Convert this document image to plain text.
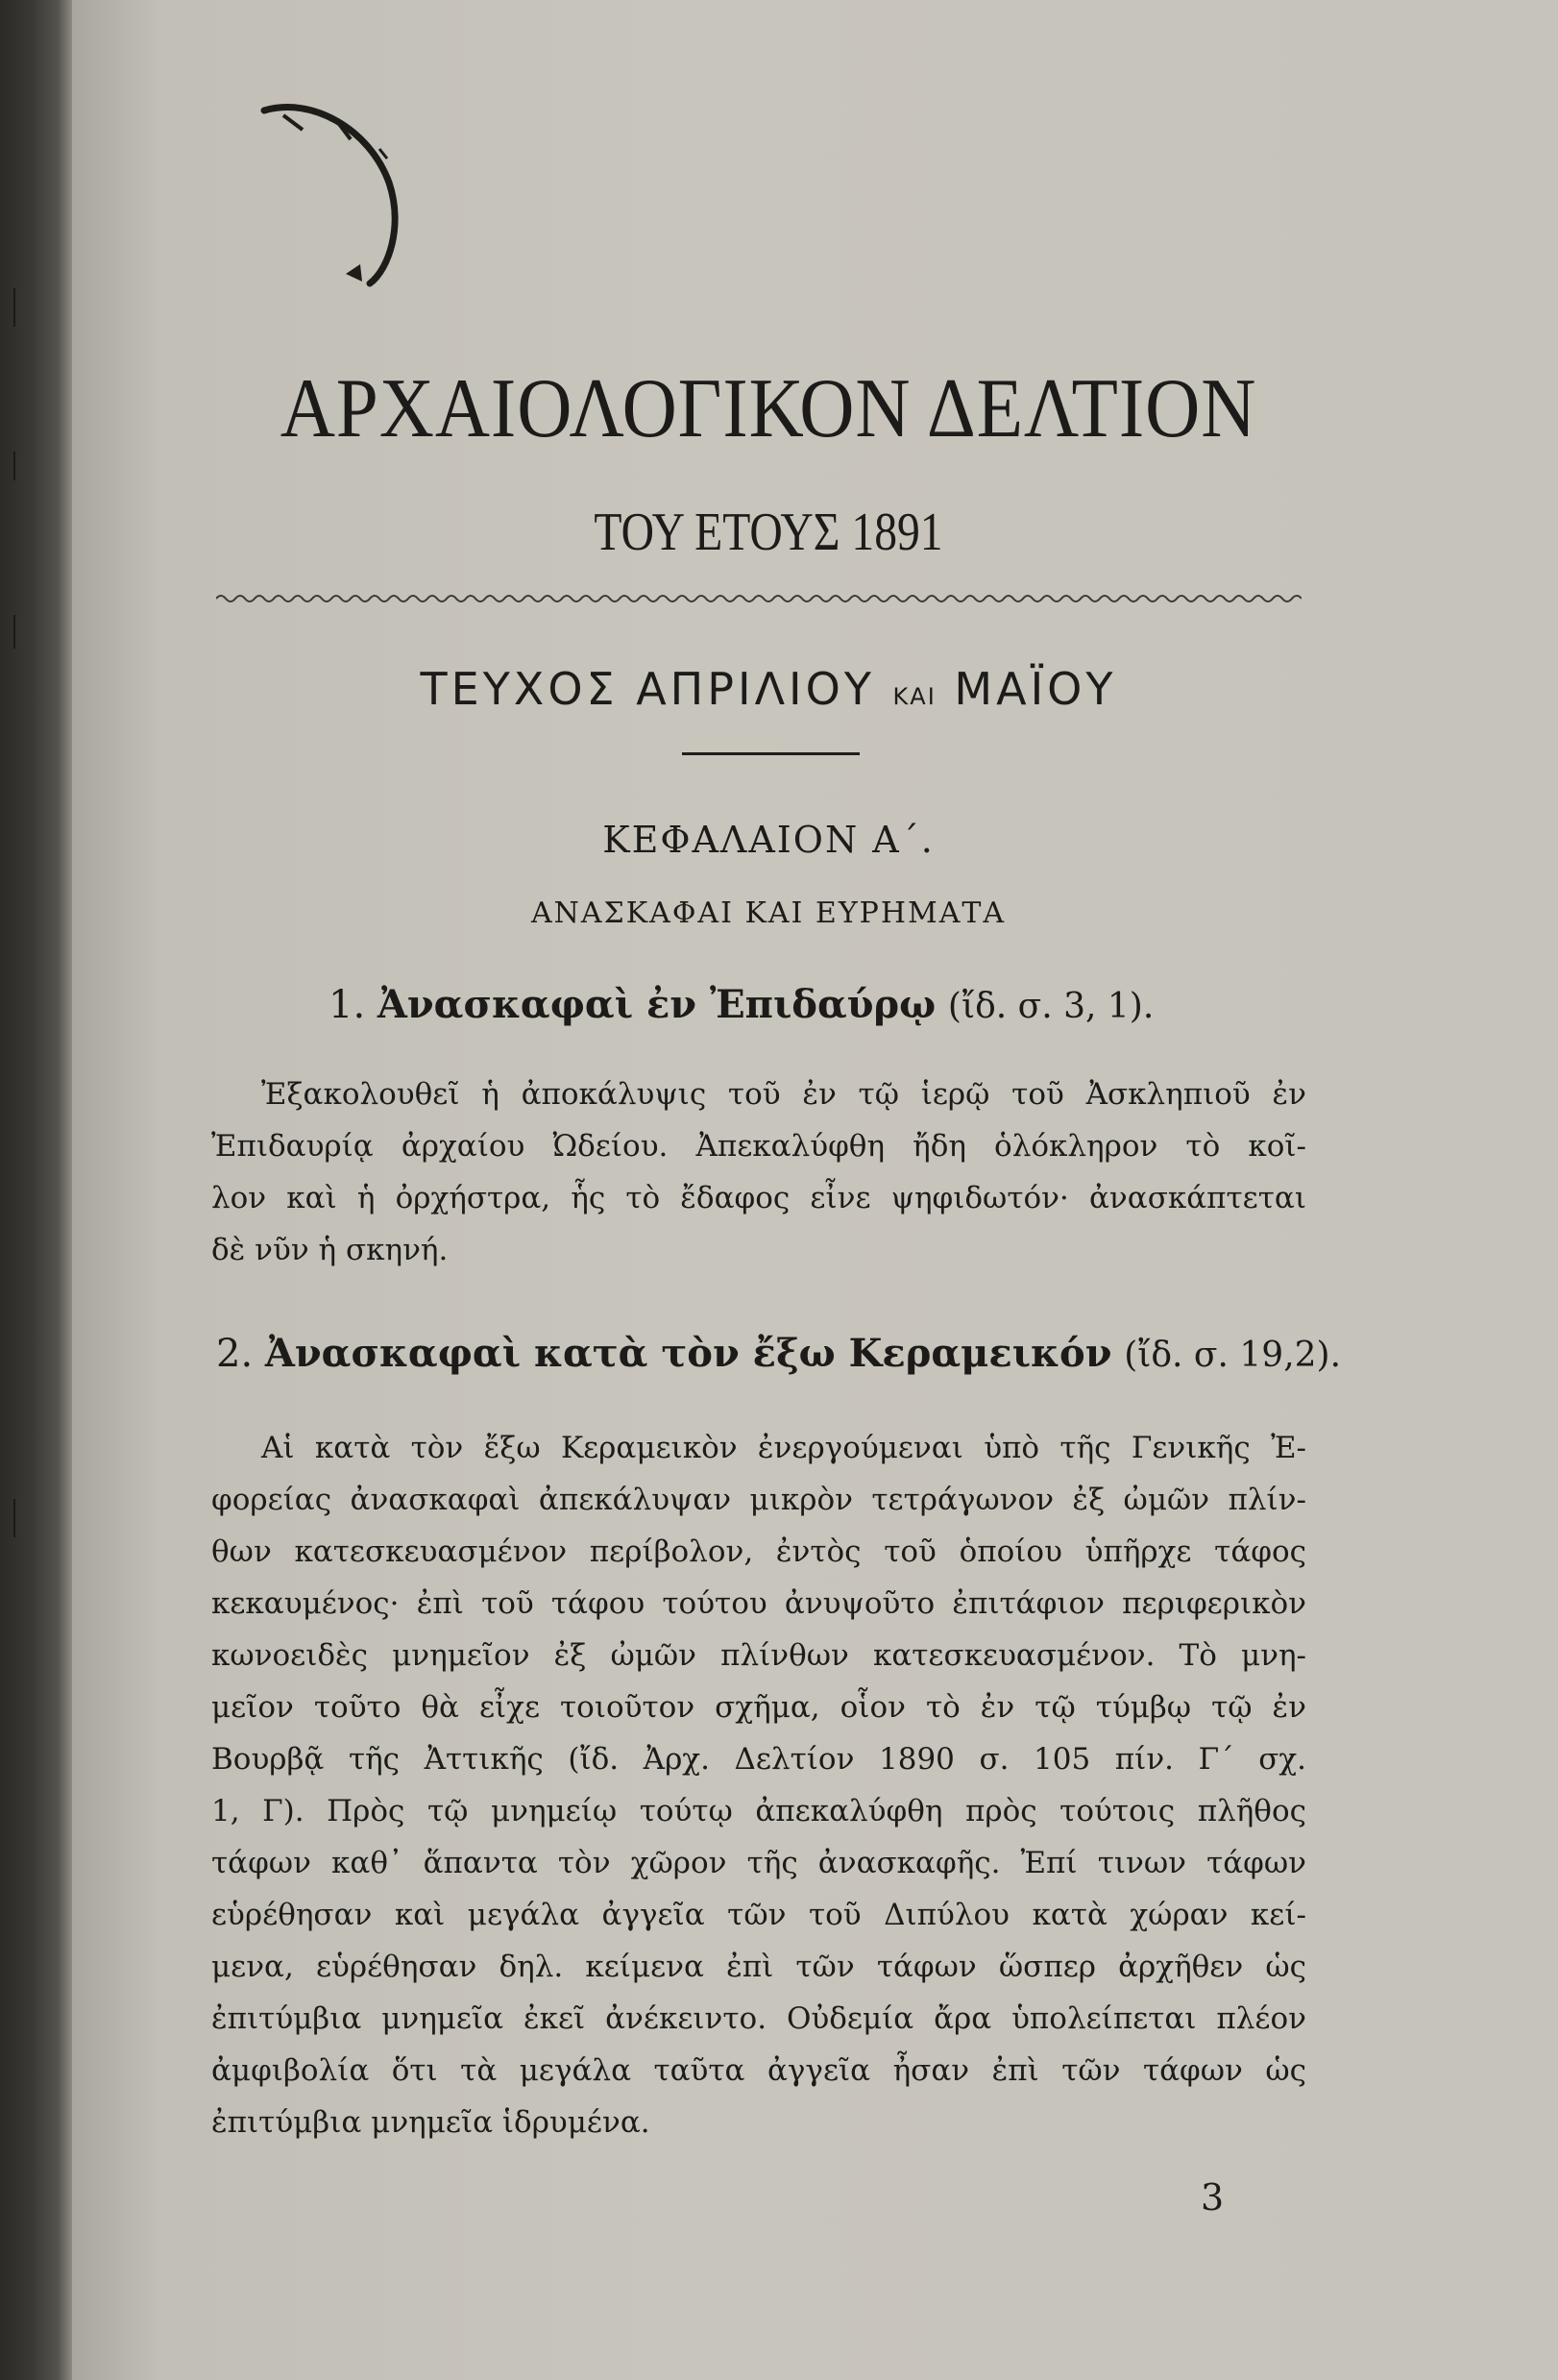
ΑΡΧΑΙΟΛΟΓΙΚΟΝ ΔΕΛΤΙΟΝ
ΤΟΥ ΕΤΟΥΣ 1891
ΤΕΥΧΟΣ ΑΠΡΙΛΙΟΥ ΚΑΙ ΜΑΪΟΥ
ΚΕΦΑΛΑΙΟΝ Α΄.
ΑΝΑΣΚΑΦΑΙ ΚΑΙ ΕΥΡΗΜΑΤΑ
1. Ἀνασκαφαὶ ἐν Ἐπιδαύρῳ (ἴδ. σ. 3, 1).
Ἐξακολουθεῖ ἡ ἀποκάλυψις τοῦ ἐν τῷ ἱερῷ τοῦ Ἀσκληπιοῦ ἐν
Ἐπιδαυρίᾳ ἀρχαίου Ὠδείου. Ἀπεκαλύφθη ἤδη ὁλόκληρον τὸ κοῖ-
λον καὶ ἡ ὀρχήστρα, ἧς τὸ ἔδαφος εἶνε ψηφιδωτόν· ἀνασκάπτεται
δὲ νῦν ἡ σκηνή.
2. Ἀνασκαφαὶ κατὰ τὸν ἔξω Κεραμεικόν (ἴδ. σ. 19,2).
Αἱ κατὰ τὸν ἔξω Κεραμεικὸν ἐνεργούμεναι ὑπὸ τῆς Γενικῆς Ἐ-
φορείας ἀνασκαφαὶ ἀπεκάλυψαν μικρὸν τετράγωνον ἐξ ὠμῶν πλίν-
θων κατεσκευασμένον περίβολον, ἐντὸς τοῦ ὁποίου ὑπῆρχε τάφος
κεκαυμένος· ἐπὶ τοῦ τάφου τούτου ἀνυψοῦτο ἐπιτάφιον περιφερικὸν
κωνοειδὲς μνημεῖον ἐξ ὠμῶν πλίνθων κατεσκευασμένον. Τὸ μνη-
μεῖον τοῦτο θὰ εἶχε τοιοῦτον σχῆμα, οἷον τὸ ἐν τῷ τύμβῳ τῷ ἐν
Βουρβᾷ τῆς Ἀττικῆς (ἴδ. Ἀρχ. Δελτίον 1890 σ. 105 πίν. Γ΄ σχ.
1, Γ). Πρὸς τῷ μνημείῳ τούτῳ ἀπεκαλύφθη πρὸς τούτοις πλῆθος
τάφων καθ᾽ ἅπαντα τὸν χῶρον τῆς ἀνασκαφῆς. Ἐπί τινων τάφων
εὑρέθησαν καὶ μεγάλα ἀγγεῖα τῶν τοῦ Διπύλου κατὰ χώραν κεί-
μενα, εὑρέθησαν δηλ. κείμενα ἐπὶ τῶν τάφων ὥσπερ ἀρχῆθεν ὡς
ἐπιτύμβια μνημεῖα ἐκεῖ ἀνέκειντο. Οὐδεμία ἄρα ὑπολείπεται πλέον
ἀμφιβολία ὅτι τὰ μεγάλα ταῦτα ἀγγεῖα ἦσαν ἐπὶ τῶν τάφων ὡς
ἐπιτύμβια μνημεῖα ἱδρυμένα.
3
